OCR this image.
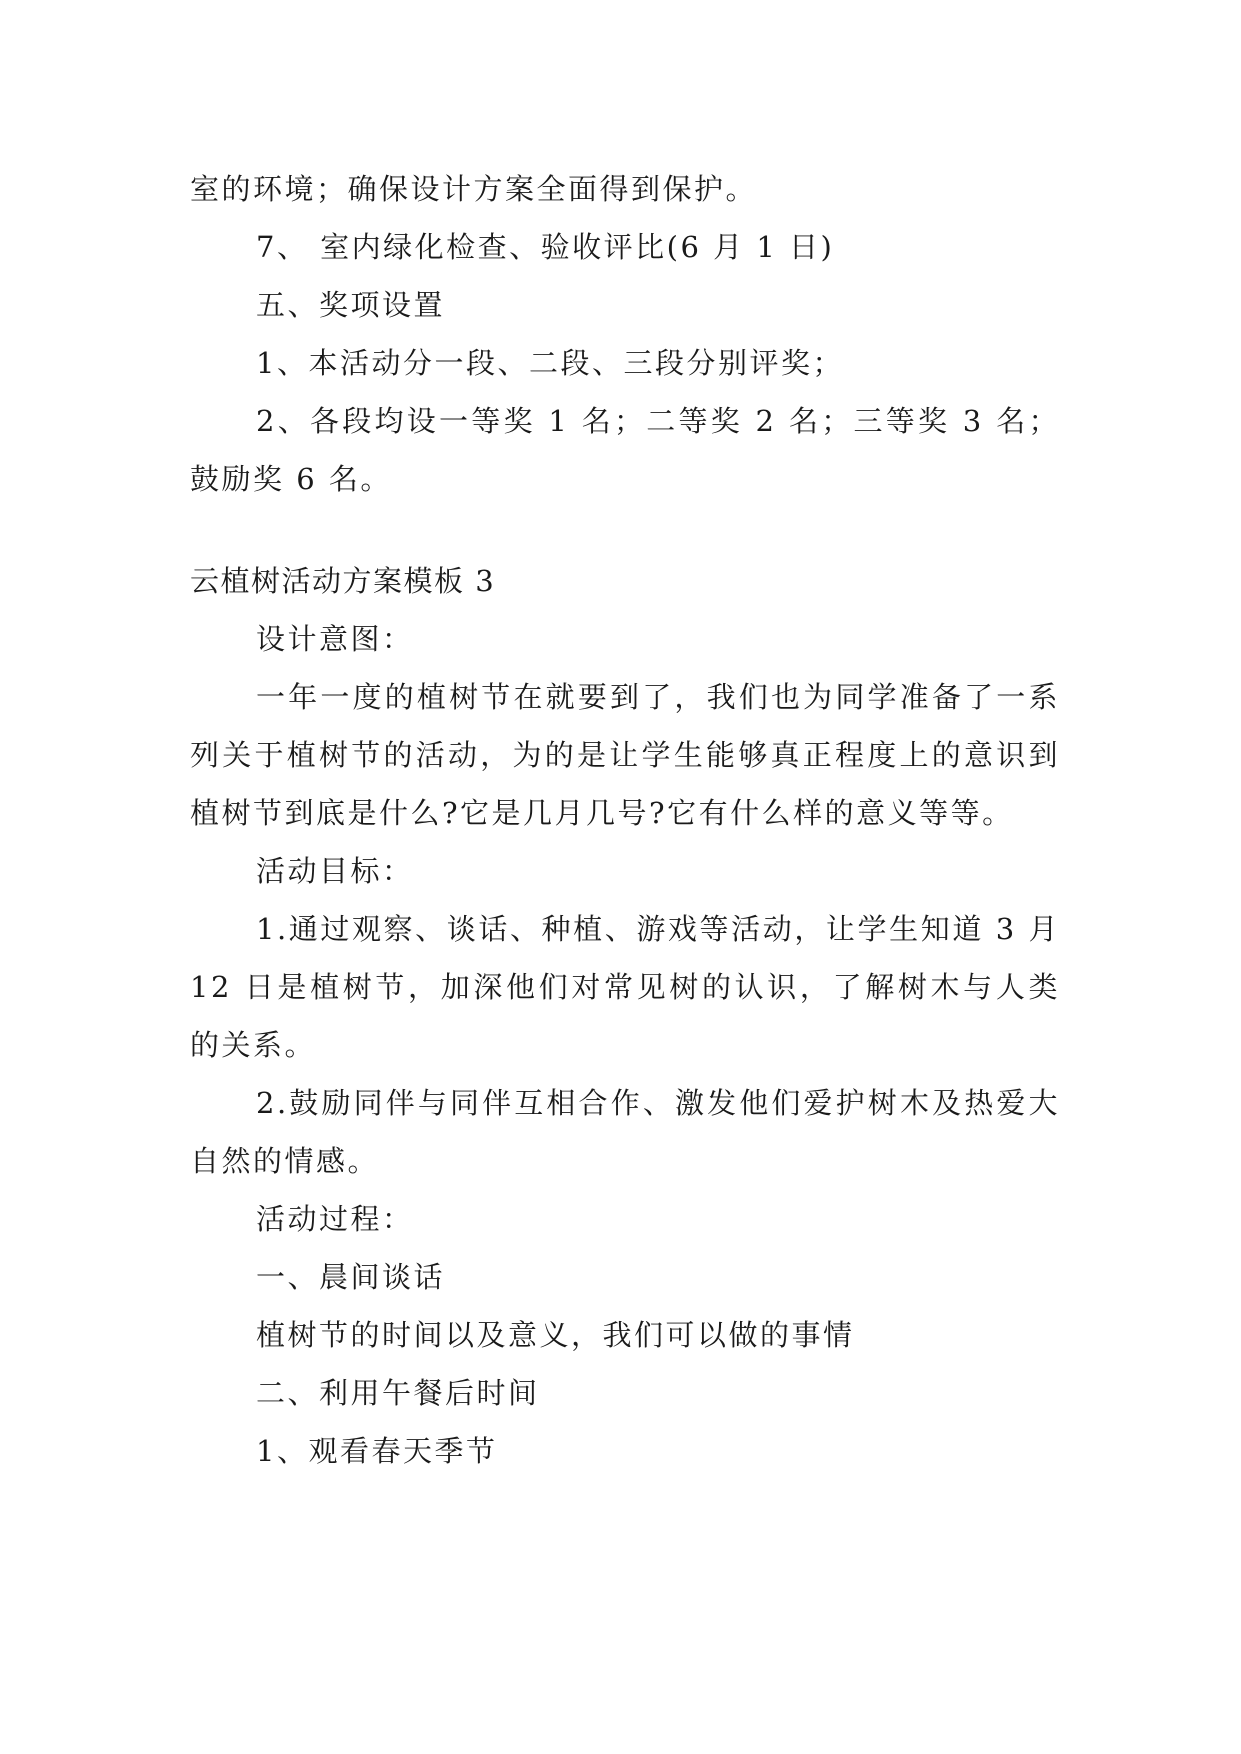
室的环境；确保设计方案全面得到保护。

7、 室内绿化检查、验收评比(6 月 1 日)

五、奖项设置

1、本活动分一段、二段、三段分别评奖；

2、各段均设一等奖 1 名；二等奖 2 名；三等奖 3 名；鼓励奖 6 名。

云植树活动方案模板 3

设计意图：

一年一度的植树节在就要到了，我们也为同学准备了一系列关于植树节的活动，为的是让学生能够真正程度上的意识到植树节到底是什么?它是几月几号?它有什么样的意义等等。

活动目标：

1.通过观察、谈话、种植、游戏等活动，让学生知道 3 月 12 日是植树节，加深他们对常见树的认识，了解树木与人类的关系。

2.鼓励同伴与同伴互相合作、激发他们爱护树木及热爱大自然的情感。

活动过程：

一、晨间谈话

植树节的时间以及意义，我们可以做的事情

二、利用午餐后时间

1、观看春天季节
